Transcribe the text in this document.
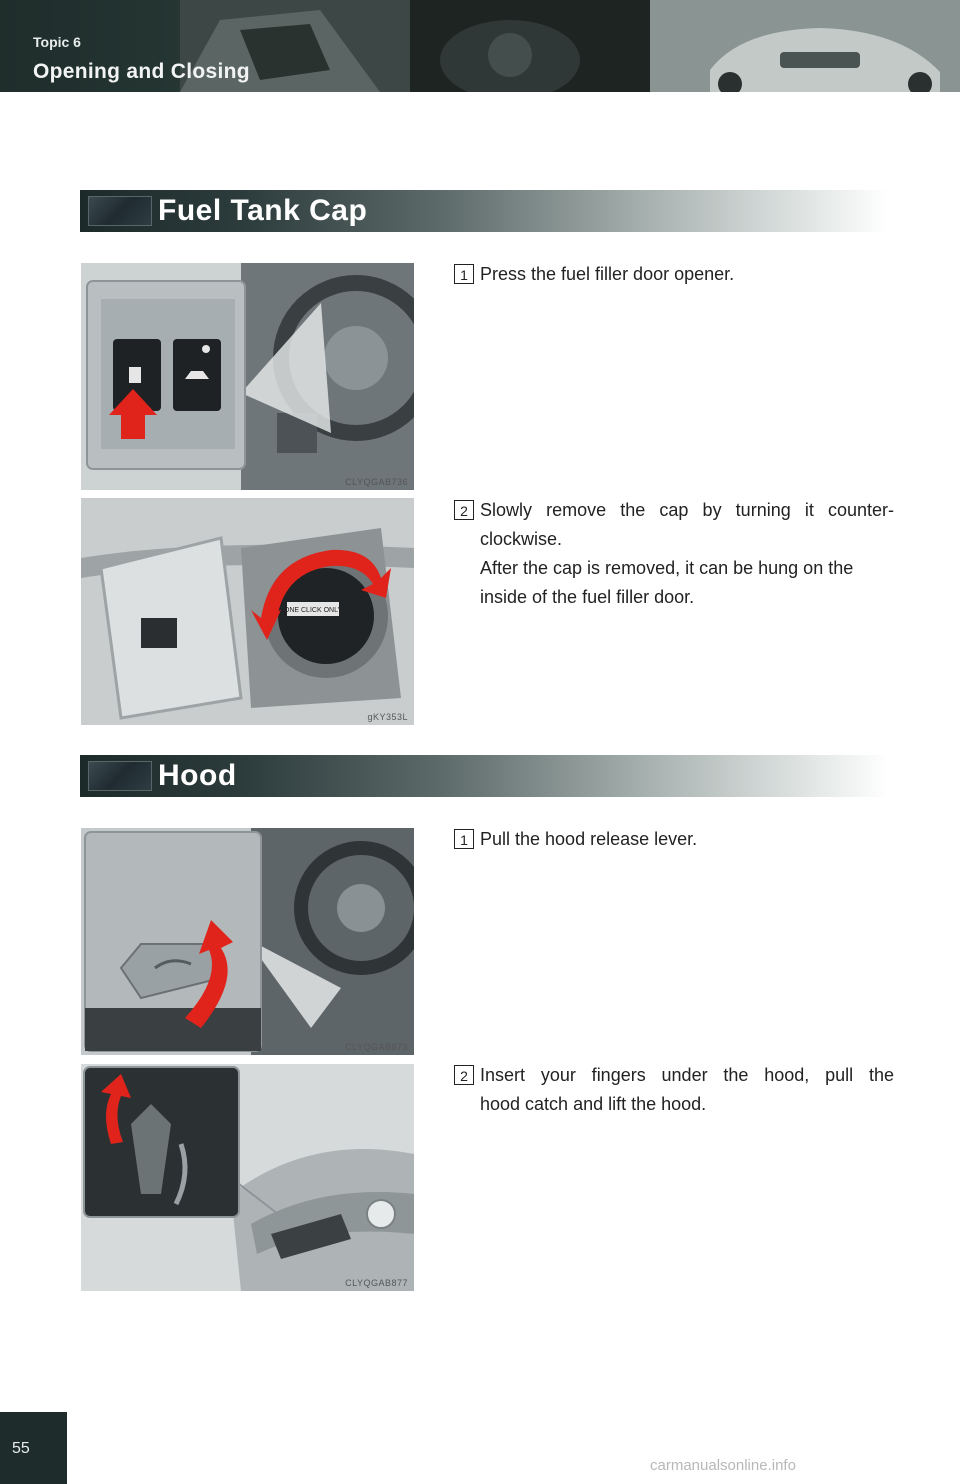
Topic 6
Opening and Closing
Fuel Tank Cap
CLYQGAB736
1 Press the fuel filler door opener.
ONE CLICK ONLY
gKY353L
2 Slowly remove the cap by turning it counter-
clockwise.
After the cap is removed, it can be hung on the
inside of the fuel filler door.
Hood
CLYQGAB873
1 Pull the hood release lever.
CLYQGAB877
2 Insert your fingers under the hood, pull the
hood catch and lift the hood.
55
carmanualsonline.info
